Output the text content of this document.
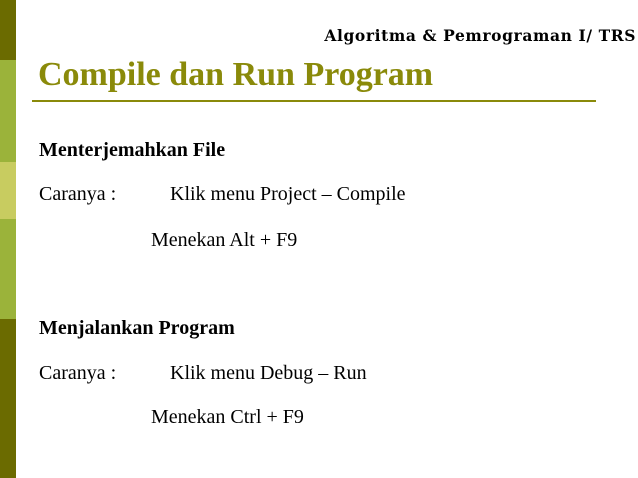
Algoritma & Pemrograman I/ TRS
Compile dan Run Program
Menterjemahkan File
Caranya :	Klik menu Project – Compile
Menekan Alt + F9
Menjalankan Program
Caranya :	Klik menu Debug – Run
Menekan Ctrl + F9
